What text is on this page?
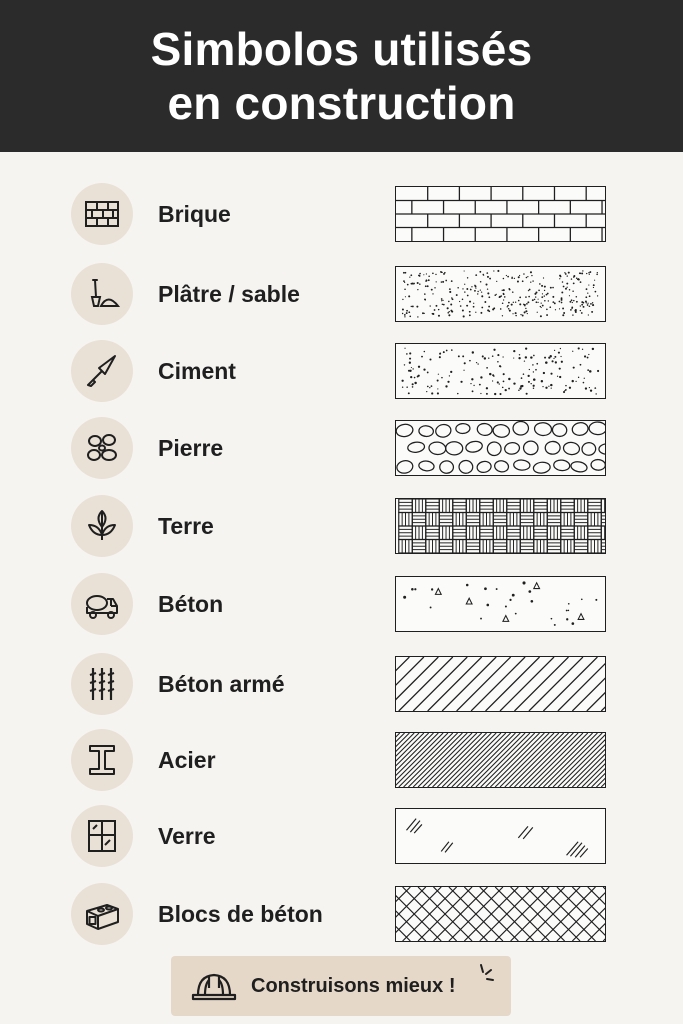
Simbolos utilisés
en construction
Brique
Plâtre / sable
Ciment
Pierre
Terre
Béton
Béton armé
Acier
Verre
Blocs de béton
Construisons mieux !
